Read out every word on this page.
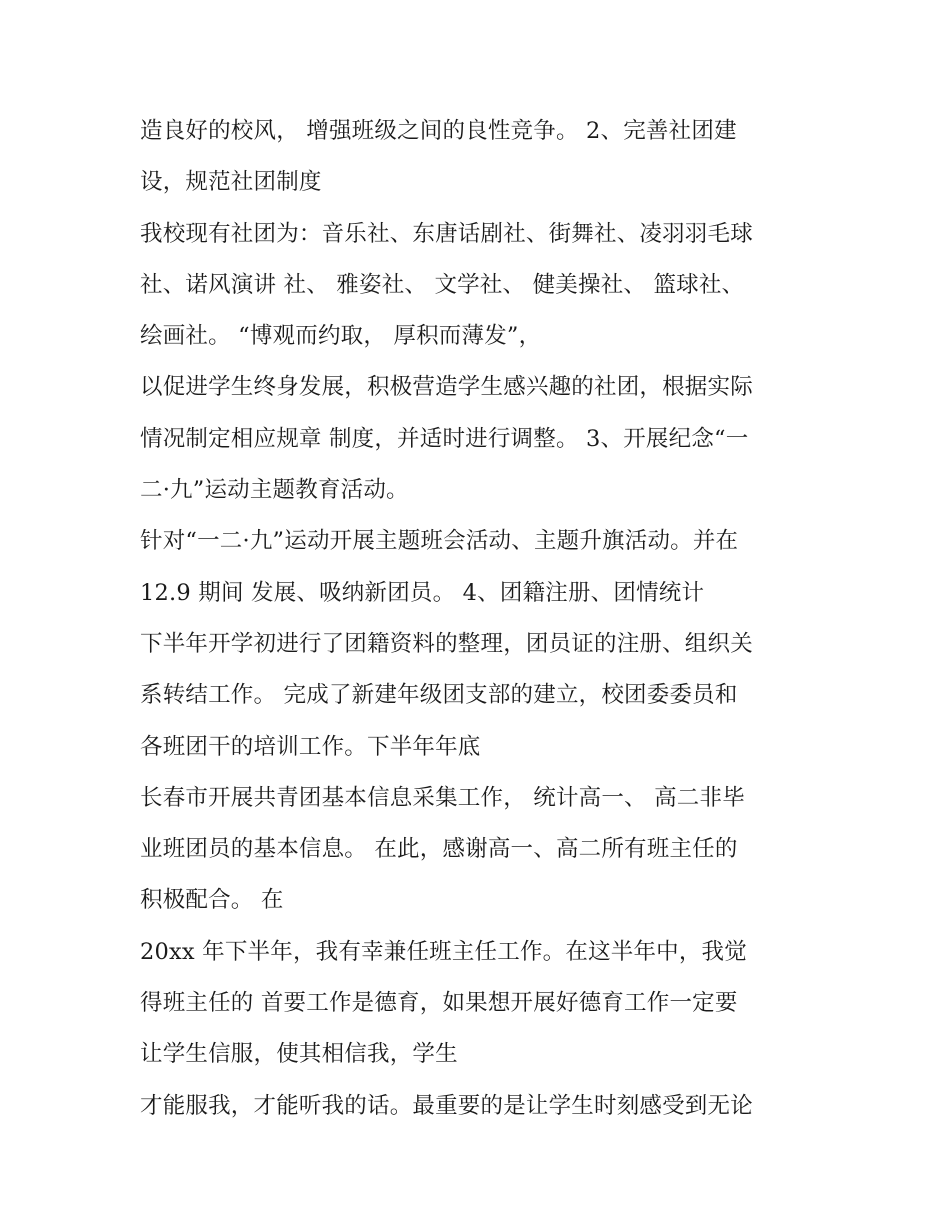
造良好的校风， 增强班级之间的良性竞争。 2、完善社团建
设，规范社团制度
我校现有社团为：音乐社、东唐话剧社、街舞社、凌羽羽毛球
社、诺风演讲 社、 雅姿社、 文学社、 健美操社、 篮球社、
绘画社。 “博观而约取， 厚积而薄发”，
以促进学生终身发展，积极营造学生感兴趣的社团，根据实际
情况制定相应规章 制度，并适时进行调整。 3、开展纪念“一
二·九”运动主题教育活动。
针对“一二·九”运动开展主题班会活动、主题升旗活动。并在
12.9 期间 发展、吸纳新团员。 4、团籍注册、团情统计
下半年开学初进行了团籍资料的整理，团员证的注册、组织关
系转结工作。 完成了新建年级团支部的建立，校团委委员和
各班团干的培训工作。下半年年底
长春市开展共青团基本信息采集工作， 统计高一、 高二非毕
业班团员的基本信息。 在此，感谢高一、高二所有班主任的
积极配合。 在
20xx 年下半年，我有幸兼任班主任工作。在这半年中，我觉
得班主任的 首要工作是德育，如果想开展好德育工作一定要
让学生信服，使其相信我，学生
才能服我，才能听我的话。最重要的是让学生时刻感受到无论
